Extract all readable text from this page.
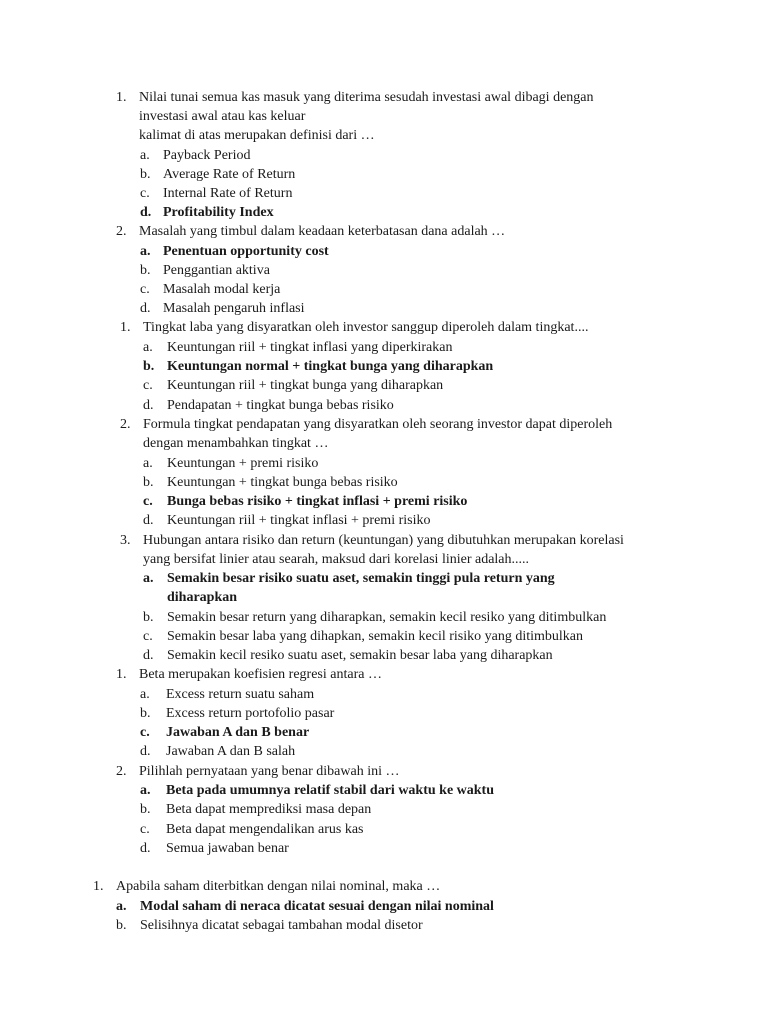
1. Nilai tunai semua kas masuk yang diterima sesudah investasi awal dibagi dengan
investasi awal atau kas keluar
kalimat di atas merupakan definisi dari …
a. Payback Period
b. Average Rate of Return
c. Internal Rate of Return
d. Profitability Index
2. Masalah yang timbul dalam keadaan keterbatasan dana adalah …
a. Penentuan opportunity cost
b. Penggantian aktiva
c. Masalah modal kerja
d. Masalah pengaruh inflasi
1. Tingkat laba yang disyaratkan oleh investor sanggup diperoleh dalam tingkat....
a. Keuntungan riil + tingkat inflasi yang diperkirakan
b. Keuntungan normal + tingkat bunga yang diharapkan
c. Keuntungan riil + tingkat bunga yang diharapkan
d. Pendapatan + tingkat bunga bebas risiko
2. Formula tingkat pendapatan yang disyaratkan oleh seorang investor dapat diperoleh
dengan menambahkan tingkat …
a. Keuntungan + premi risiko
b. Keuntungan + tingkat bunga bebas risiko
c. Bunga bebas risiko + tingkat inflasi + premi risiko
d. Keuntungan riil + tingkat inflasi + premi risiko
3. Hubungan antara risiko dan return (keuntungan) yang dibutuhkan merupakan korelasi
yang bersifat linier atau searah, maksud dari korelasi linier adalah.....
a. Semakin besar risiko suatu aset, semakin tinggi pula return yang
diharapkan
b. Semakin besar return yang diharapkan, semakin kecil resiko yang ditimbulkan
c. Semakin besar laba yang dihapkan, semakin kecil risiko yang ditimbulkan
d. Semakin kecil resiko suatu aset, semakin besar laba yang diharapkan
1. Beta merupakan koefisien regresi antara …
a. Excess return suatu saham
b. Excess return portofolio pasar
c. Jawaban A dan B benar
d. Jawaban A dan B salah
2. Pilihlah pernyataan yang benar dibawah ini …
a. Beta pada umumnya relatif stabil dari waktu ke waktu
b. Beta dapat memprediksi masa depan
c. Beta dapat mengendalikan arus kas
d. Semua jawaban benar
1. Apabila saham diterbitkan dengan nilai nominal, maka …
a. Modal saham di neraca dicatat sesuai dengan nilai nominal
b. Selisihnya dicatat sebagai tambahan modal disetor
